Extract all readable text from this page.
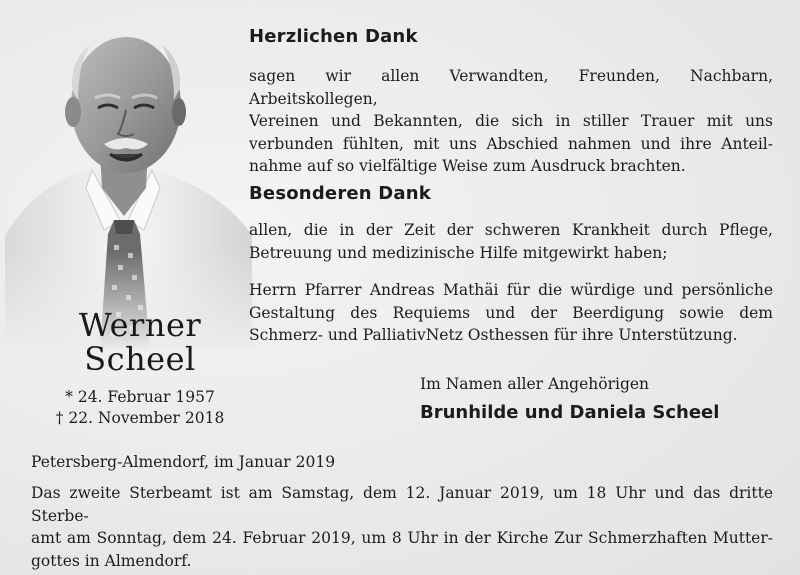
Werner
Scheel
* 24. Februar 1957
† 22. November 2018
Herzlichen Dank
sagen wir allen Verwandten, Freunden, Nachbarn, Arbeitskollegen,
Vereinen und Bekannten, die sich in stiller Trauer mit uns
verbunden fühlten, mit uns Abschied nahmen und ihre Anteil-
nahme auf so vielfältige Weise zum Ausdruck brachten.
Besonderen Dank
allen, die in der Zeit der schweren Krankheit durch Pflege,
Betreuung und medizinische Hilfe mitgewirkt haben;
Herrn Pfarrer Andreas Mathäi für die würdige und persönliche
Gestaltung des Requiems und der Beerdigung sowie dem
Schmerz- und PalliativNetz Osthessen für ihre Unterstützung.
Im Namen aller Angehörigen
Brunhilde und Daniela Scheel
Petersberg-Almendorf, im Januar 2019
Das zweite Sterbeamt ist am Samstag, dem 12. Januar 2019, um 18 Uhr und das dritte Sterbe-
amt am Sonntag, dem 24. Februar 2019, um 8 Uhr in der Kirche Zur Schmerzhaften Mutter-
gottes in Almendorf.
